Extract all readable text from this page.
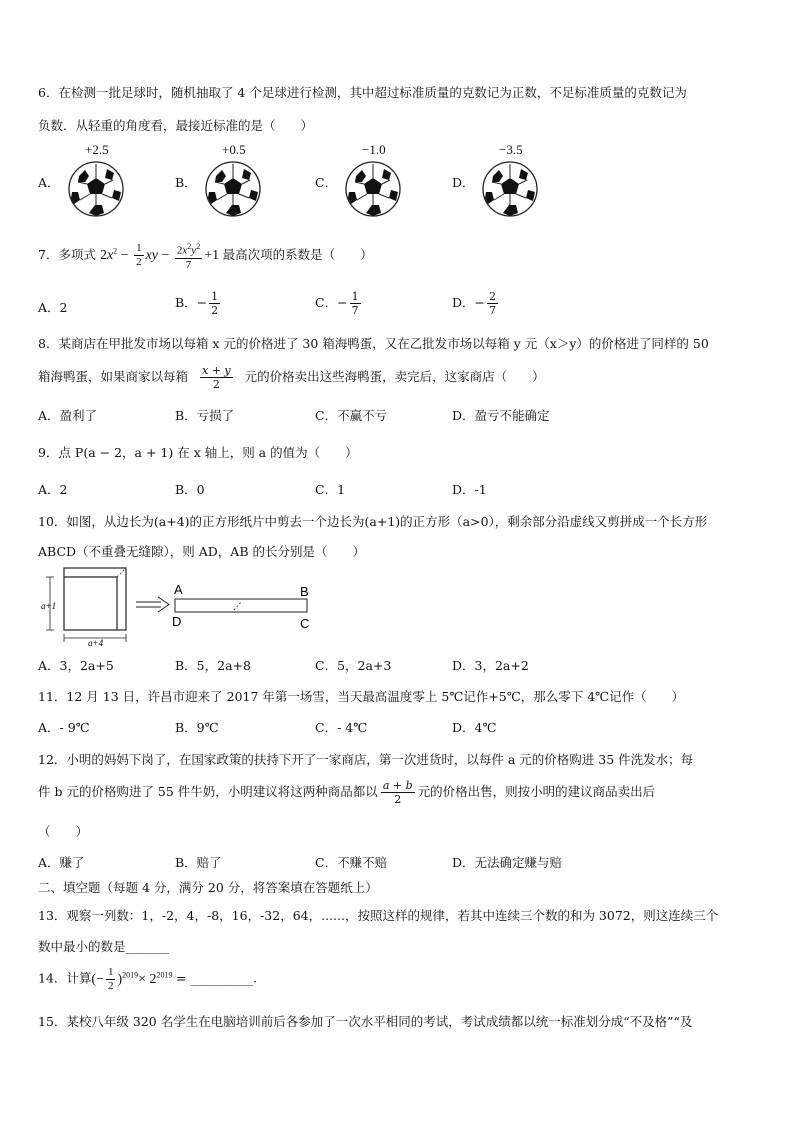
6．在检测一批足球时，随机抽取了 4 个足球进行检测，其中超过标准质量的克数记为正数，不足标准质量的克数记为
负数．从轻重的角度看，最接近标准的是（　　）
A．
+2.5
B．
+0.5
C．
−1.0
D．
−3.5
7．多项式 $2x^2 - \frac{1}{2}$ xy − $\frac{2x^2y^2}{7} +1$ 最高次项的系数是（　　）
A．2	B．− $\frac{1}{2}$	C．− $\frac{1}{7}$	D．− $\frac{2}{7}$
8．某商店在甲批发市场以每箱 x 元的价格进了 30 箱海鸭蛋，又在乙批发市场以每箱 y 元（x＞y）的价格进了同样的 50
箱海鸭蛋，如果商家以每箱 $\frac{x + y}{2}$ 元的价格卖出这些海鸭蛋，卖完后，这家商店（　　）
A．盈利了	B．亏损了	C．不赢不亏	D．盈亏不能确定
9．点 P(a − 2，a + 1) 在 x 轴上，则 a 的值为（　　）
A．2	B．0	C．1	D．-1
10．如图，从边长为(a+4)的正方形纸片中剪去一个边长为(a+1)的正方形（a>0），剩余部分沿虚线又剪拼成一个长方形
ABCD（不重叠无缝隙），则 AD，AB 的长分别是（　　）
a+1
a+4
A	B
C
D
A．3，2a+5	B．5，2a+8	C．5，2a+3	D．3，2a+2
11．12 月 13 日，许昌市迎来了 2017 年第一场雪，当天最高温度零上 5℃记作+5℃，那么零下 4℃记作（　　）
A．- 9℃	B．9℃	C．- 4℃	D．4℃
12．小明的妈妈下岗了，在国家政策的扶持下开了一家商店，第一次进货时，以每件 a 元的价格购进 35 件洗发水；每
件 b 元的价格购进了 55 件牛奶，小明建议将这两种商品都以 $\frac{a + b}{2}$ 元的价格出售，则按小明的建议商品卖出后
（　　）
A．赚了	B．赔了	C．不赚不赔	D．无法确定赚与赔
二、填空题（每题 4 分，满分 20 分，将答案填在答题纸上）
13．观察一列数：1，-2，4，-8，16，-32，64，......，按照这样的规律，若其中连续三个数的和为 3072，则这连续三个
数中最小的数是_______
14．计算(− $\frac{1}{2} )^{2019}\times 2^{2019}$ = __________.
15．某校八年级 320 名学生在电脑培训前后各参加了一次水平相同的考试，考试成绩都以统一标准划分成“不及格”“及
